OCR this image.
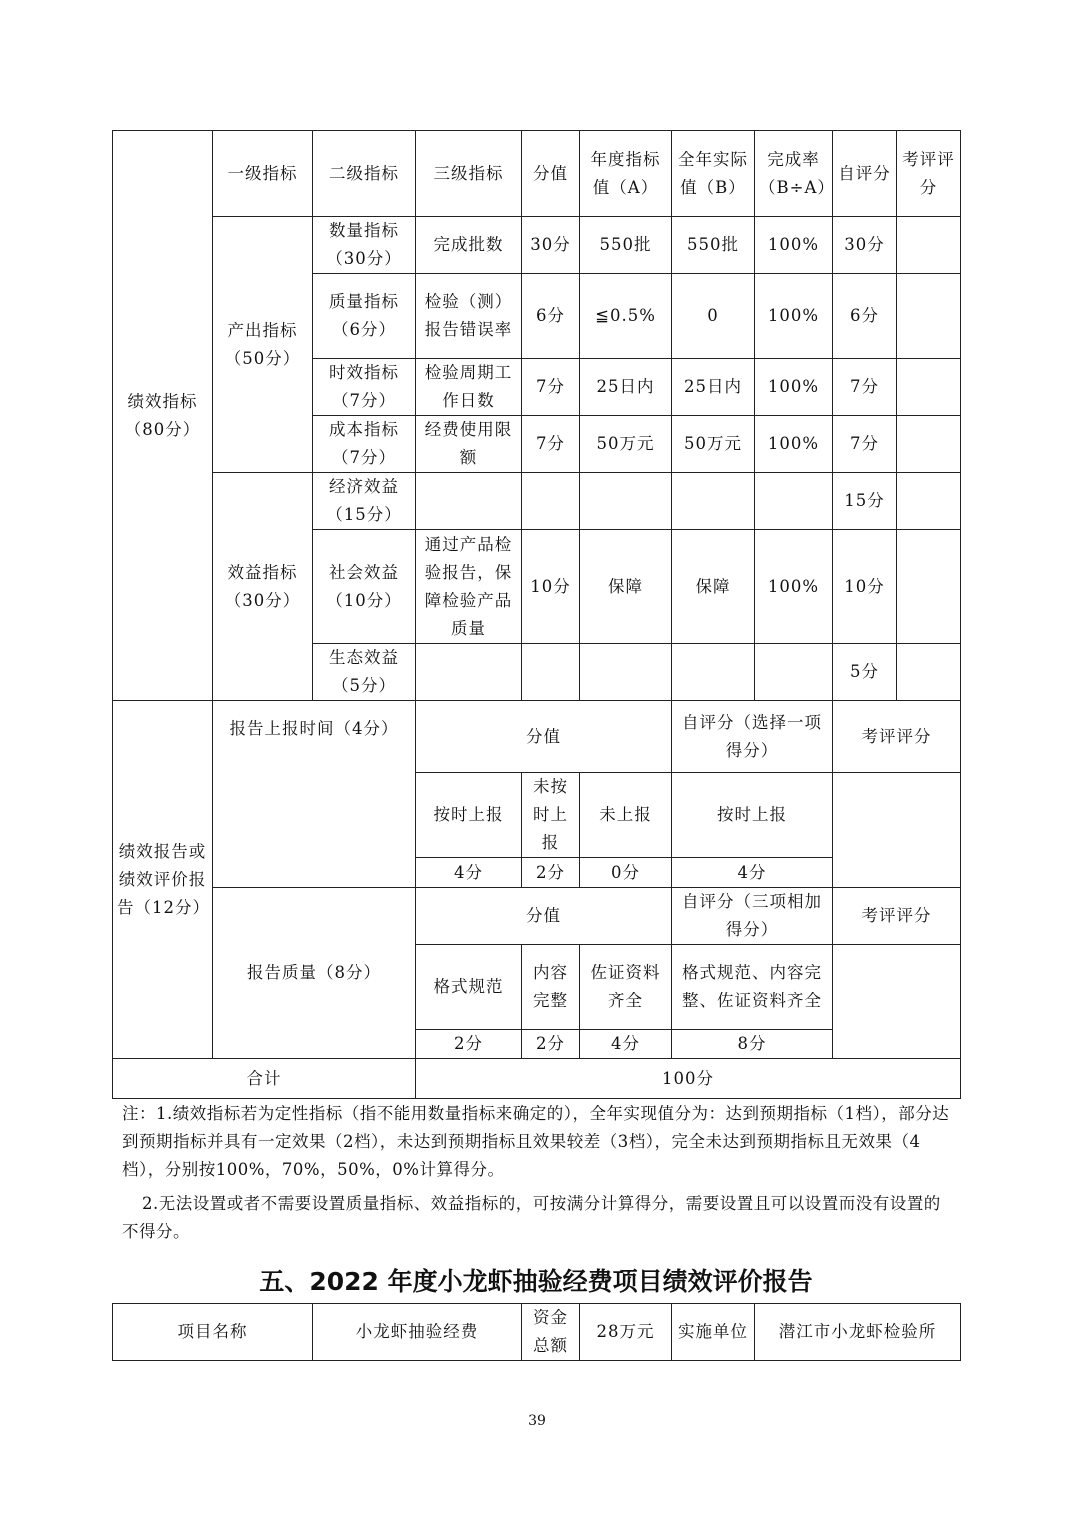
绩效指标（80分）	一级指标	二级指标	三级指标	分值	年度指标值（A）	全年实际值（B）	完成率（B÷A）	自评分	考评评分
	产出指标（50分）	数量指标（30分）	完成批数	30分	550批	550批	100%	30分	
		质量指标（6分）	检验（测）报告错误率	6分	≦0.5%	0	100%	6分	
		时效指标（7分）	检验周期工作日数	7分	25日内	25日内	100%	7分	
		成本指标（7分）	经费使用限额	7分	50万元	50万元	100%	7分	
	效益指标（30分）	经济效益（15分）						15分	
		社会效益（10分）	通过产品检验报告，保障检验产品质量	10分	保障	保障	100%	10分	
		生态效益（5分）						5分	
绩效报告或绩效评价报告（12分）	报告上报时间（4分）		分值			自评分（选择一项得分）		考评评分	
			按时上报	未按时上报	未上报	按时上报			
			4分	2分	0分	4分			
	报告质量（8分）		分值			自评分（三项相加得分）		考评评分	
			格式规范	内容完整	佐证资料齐全	格式规范、内容完整、佐证资料齐全			
			2分	2分	4分	8分			
合计			100分						
注：1.绩效指标若为定性指标（指不能用数量指标来确定的），全年实现值分为：达到预期指标（1档），部分达到预期指标并具有一定效果（2档），未达到预期指标且效果较差（3档），完全未达到预期指标且无效果（4档），分别按100%，70%，50%，0%计算得分。
2.无法设置或者不需要设置质量指标、效益指标的，可按满分计算得分，需要设置且可以设置而没有设置的不得分。
五、2022 年度小龙虾抽验经费项目绩效评价报告
项目名称	小龙虾抽验经费	资金总额	28万元	实施单位	潜江市小龙虾检验所
39
